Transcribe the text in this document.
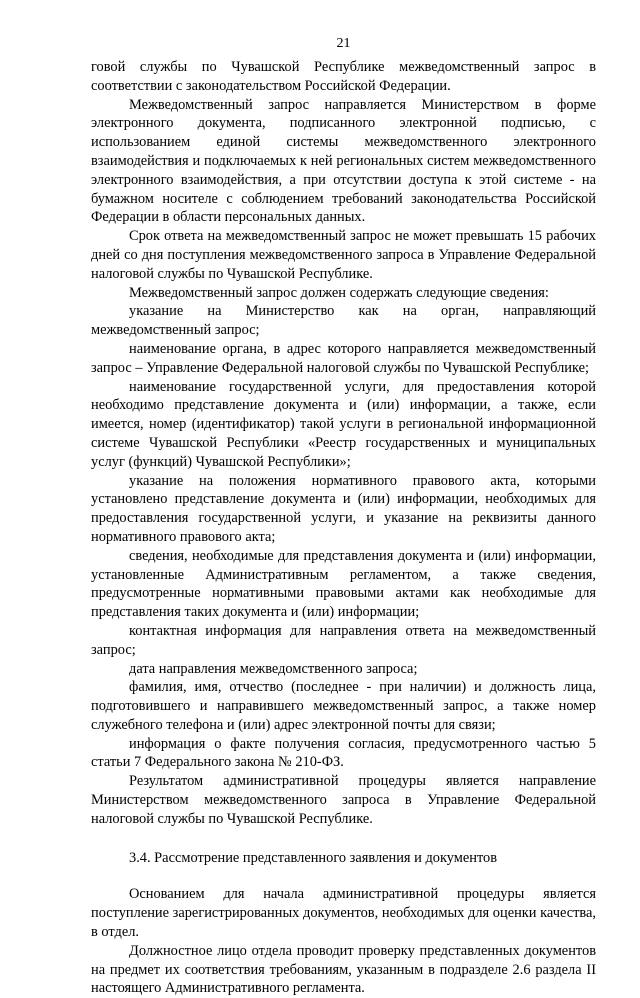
21

говой службы по Чувашской Республике межведомственный запрос в соответствии с законодательством Российской Федерации.

Межведомственный запрос направляется Министерством в форме электронного документа, подписанного электронной подписью, с использованием единой системы межведомственного электронного взаимодействия и подключаемых к ней региональных систем межведомственного электронного взаимодействия, а при отсутствии доступа к этой системе - на бумажном носителе с соблюдением требований законодательства Российской Федерации в области персональных данных.

Срок ответа на межведомственный запрос не может превышать 15 рабочих дней со дня поступления межведомственного запроса в Управление Федеральной налоговой службы по Чувашской Республике.

Межведомственный запрос должен содержать следующие сведения:

указание на Министерство как на орган, направляющий межведомственный запрос;

наименование органа, в адрес которого направляется межведомственный запрос – Управление Федеральной налоговой службы по Чувашской Республике;

наименование государственной услуги, для предоставления которой необходимо представление документа и (или) информации, а также, если имеется, номер (идентификатор) такой услуги в региональной информационной системе Чувашской Республики «Реестр государственных и муниципальных услуг (функций) Чувашской Республики»;

указание на положения нормативного правового акта, которыми установлено представление документа и (или) информации, необходимых для предоставления государственной услуги, и указание на реквизиты данного нормативного правового акта;

сведения, необходимые для представления документа и (или) информации, установленные Административным регламентом, а также сведения, предусмотренные нормативными правовыми актами как необходимые для представления таких документа и (или) информации;

контактная информация для направления ответа на межведомственный запрос;

дата направления межведомственного запроса;

фамилия, имя, отчество (последнее - при наличии) и должность лица, подготовившего и направившего межведомственный запрос, а также номер служебного телефона и (или) адрес электронной почты для связи;

информация о факте получения согласия, предусмотренного частью 5 статьи 7 Федерального закона № 210-ФЗ.

Результатом административной процедуры является направление Министерством межведомственного запроса в Управление Федеральной налоговой службы по Чувашской Республике.

3.4. Рассмотрение представленного заявления и документов

Основанием для начала административной процедуры является поступление зарегистрированных документов, необходимых для оценки качества, в отдел.

Должностное лицо отдела проводит проверку представленных документов на предмет их соответствия требованиям, указанным в подразделе 2.6 раздела II настоящего Административного регламента.
